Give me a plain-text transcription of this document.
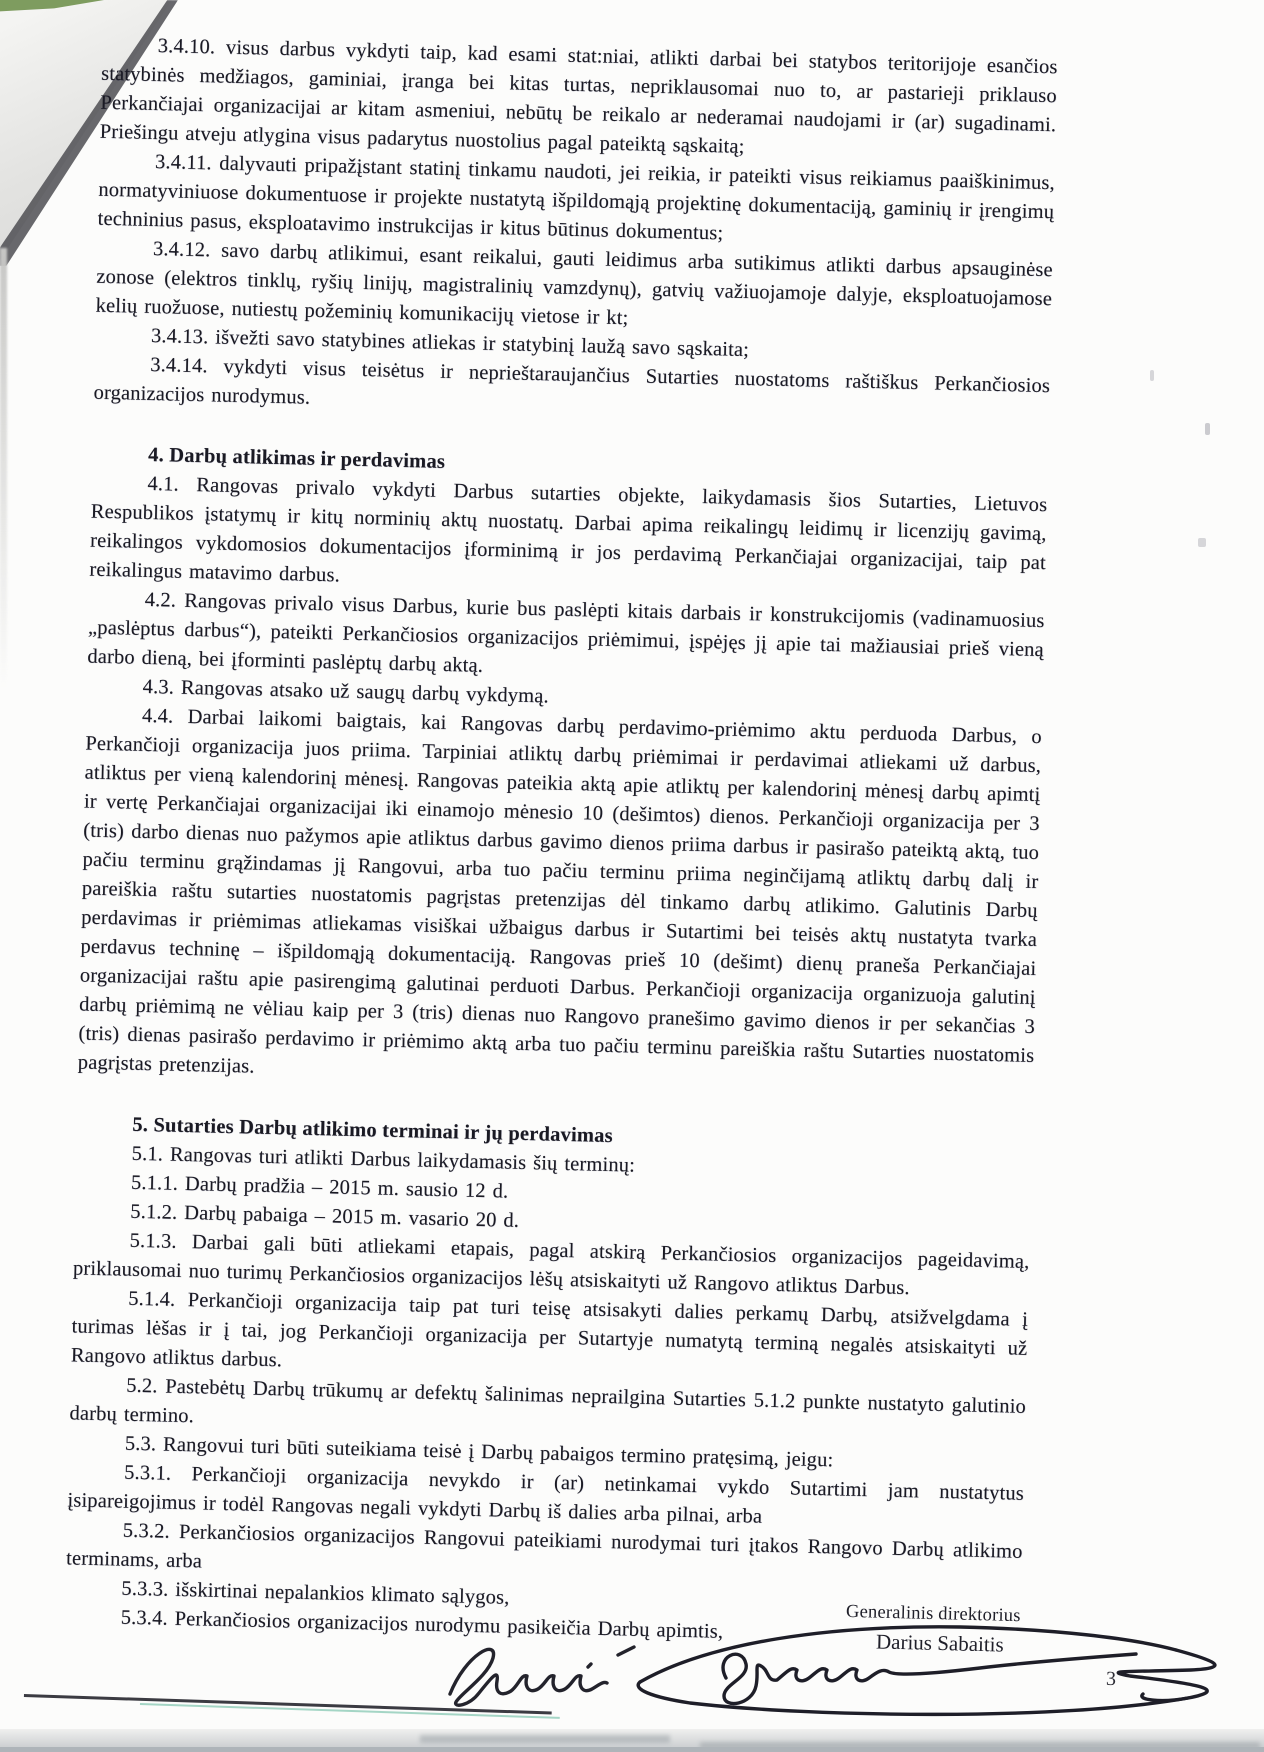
3.4.10. visus darbus vykdyti taip, kad esami stat:niai, atlikti darbai bei statybos teritorijoje esančios statybinės medžiagos, gaminiai, įranga bei kitas turtas, nepriklausomai nuo to, ar pastarieji priklauso Perkančiajai organizacijai ar kitam asmeniui, nebūtų be reikalo ar nederamai naudojami ir (ar) sugadinami. Priešingu atveju atlygina visus padarytus nuostolius pagal pateiktą sąskaitą;

3.4.11. dalyvauti pripažįstant statinį tinkamu naudoti, jei reikia, ir pateikti visus reikiamus paaiškinimus, normatyviniuose dokumentuose ir projekte nustatytą išpildomąją projektinę dokumentaciją, gaminių ir įrengimų techninius pasus, eksploatavimo instrukcijas ir kitus būtinus dokumentus;

3.4.12. savo darbų atlikimui, esant reikalui, gauti leidimus arba sutikimus atlikti darbus apsauginėse zonose (elektros tinklų, ryšių linijų, magistralinių vamzdynų), gatvių važiuojamoje dalyje, eksploatuojamose kelių ruožuose, nutiestų požeminių komunikacijų vietose ir kt;

3.4.13. išvežti savo statybines atliekas ir statybinį laužą savo sąskaita;

3.4.14. vykdyti visus teisėtus ir neprieštaraujančius Sutarties nuostatoms raštiškus Perkančiosios organizacijos nurodymus.

4. Darbų atlikimas ir perdavimas

4.1. Rangovas privalo vykdyti Darbus sutarties objekte, laikydamasis šios Sutarties, Lietuvos Respublikos įstatymų ir kitų norminių aktų nuostatų. Darbai apima reikalingų leidimų ir licenzijų gavimą, reikalingos vykdomosios dokumentacijos įforminimą ir jos perdavimą Perkančiajai organizacijai, taip pat reikalingus matavimo darbus.

4.2. Rangovas privalo visus Darbus, kurie bus paslėpti kitais darbais ir konstrukcijomis (vadinamuosius „paslėptus darbus“), pateikti Perkančiosios organizacijos priėmimui, įspėjęs jį apie tai mažiausiai prieš vieną darbo dieną, bei įforminti paslėptų darbų aktą.

4.3. Rangovas atsako už saugų darbų vykdymą.

4.4. Darbai laikomi baigtais, kai Rangovas darbų perdavimo-priėmimo aktu perduoda Darbus, o Perkančioji organizacija juos priima. Tarpiniai atliktų darbų priėmimai ir perdavimai atliekami už darbus, atliktus per vieną kalendorinį mėnesį. Rangovas pateikia aktą apie atliktų per kalendorinį mėnesį darbų apimtį ir vertę Perkančiajai organizacijai iki einamojo mėnesio 10 (dešimtos) dienos. Perkančioji organizacija per 3 (tris) darbo dienas nuo pažymos apie atliktus darbus gavimo dienos priima darbus ir pasirašo pateiktą aktą, tuo pačiu terminu grąžindamas jį Rangovui, arba tuo pačiu terminu priima neginčijamą atliktų darbų dalį ir pareiškia raštu sutarties nuostatomis pagrįstas pretenzijas dėl tinkamo darbų atlikimo. Galutinis Darbų perdavimas ir priėmimas atliekamas visiškai užbaigus darbus ir Sutartimi bei teisės aktų nustatyta tvarka perdavus techninę – išpildomąją dokumentaciją. Rangovas prieš 10 (dešimt) dienų praneša Perkančiajai organizacijai raštu apie pasirengimą galutinai perduoti Darbus. Perkančioji organizacija organizuoja galutinį darbų priėmimą ne vėliau kaip per 3 (tris) dienas nuo Rangovo pranešimo gavimo dienos ir per sekančias 3 (tris) dienas pasirašo perdavimo ir priėmimo aktą arba tuo pačiu terminu pareiškia raštu Sutarties nuostatomis pagrįstas pretenzijas.

5. Sutarties Darbų atlikimo terminai ir jų perdavimas

5.1. Rangovas turi atlikti Darbus laikydamasis šių terminų:

5.1.1. Darbų pradžia – 2015 m. sausio 12 d.

5.1.2. Darbų pabaiga – 2015 m. vasario 20 d.

5.1.3. Darbai gali būti atliekami etapais, pagal atskirą Perkančiosios organizacijos pageidavimą, priklausomai nuo turimų Perkančiosios organizacijos lėšų atsiskaityti už Rangovo atliktus Darbus.

5.1.4. Perkančioji organizacija taip pat turi teisę atsisakyti dalies perkamų Darbų, atsižvelgdama į turimas lėšas ir į tai, jog Perkančioji organizacija per Sutartyje numatytą terminą negalės atsiskaityti už Rangovo atliktus darbus.

5.2. Pastebėtų Darbų trūkumų ar defektų šalinimas neprailgina Sutarties 5.1.2 punkte nustatyto galutinio darbų termino.

5.3. Rangovui turi būti suteikiama teisė į Darbų pabaigos termino pratęsimą, jeigu:

5.3.1. Perkančioji organizacija nevykdo ir (ar) netinkamai vykdo Sutartimi jam nustatytus įsipareigojimus ir todėl Rangovas negali vykdyti Darbų iš dalies arba pilnai, arba

5.3.2. Perkančiosios organizacijos Rangovui pateikiami nurodymai turi įtakos Rangovo Darbų atlikimo terminams, arba

5.3.3. išskirtinai nepalankios klimato sąlygos,

5.3.4. Perkančiosios organizacijos nurodymu pasikeičia Darbų apimtis,	Generalinis direktorius
Darius Sabaitis
3
